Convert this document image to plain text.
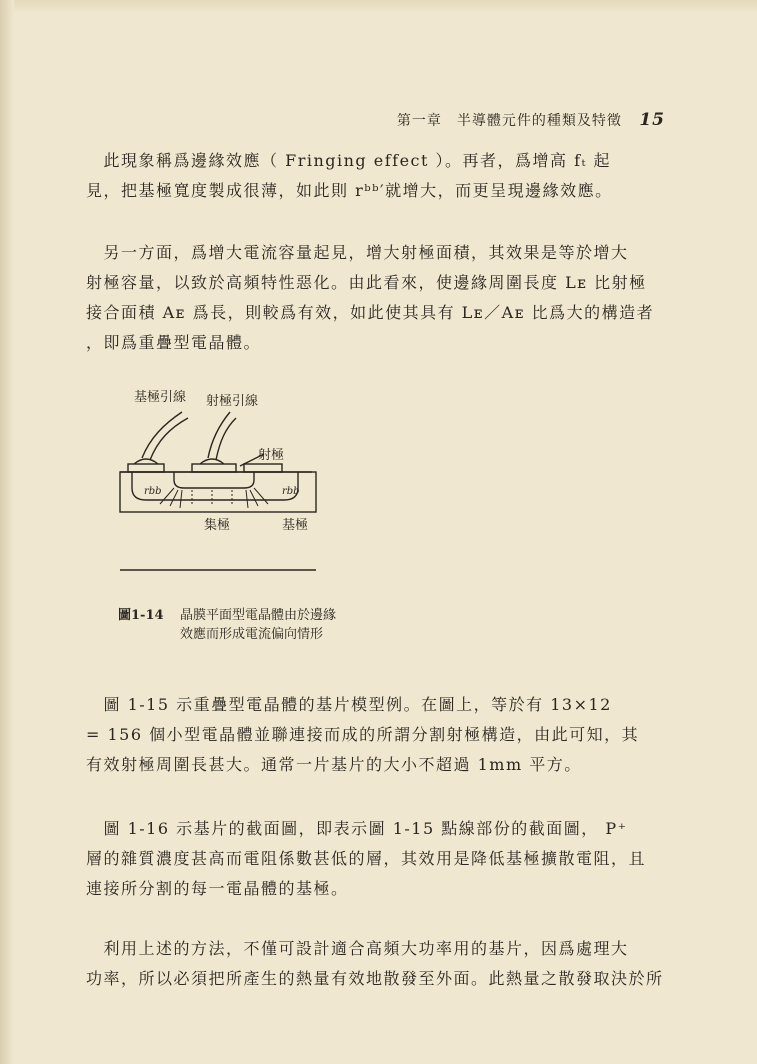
第一章　半導體元件的種類及特徵 15

　此現象稱爲邊緣效應（ Fringing effect ）。再者，爲增高 fₜ 起
見，把基極寬度製成很薄，如此則 rᵇᵇ′就增大，而更呈現邊緣效應。

　另一方面，爲增大電流容量起見，增大射極面積，其效果是等於增大
射極容量，以致於高頻特性惡化。由此看來，使邊緣周圍長度 Lᴇ 比射極
接合面積 Aᴇ 爲長，則較爲有效，如此使其具有 Lᴇ／Aᴇ 比爲大的構造者
，即爲重疊型電晶體。

基極引線 射極引線
射極
rbb	rbb
集極	基極
圖1-14 晶膜平面型電晶體由於邊緣
效應而形成電流偏向情形

　圖 1-15 示重疊型電晶體的基片模型例。在圖上，等於有 13×12
= 156 個小型電晶體並聯連接而成的所謂分割射極構造，由此可知，其
有效射極周圍長甚大。通常一片基片的大小不超過 1mm 平方。

　圖 1-16 示基片的截面圖，即表示圖 1-15 點線部份的截面圖， P⁺
層的雜質濃度甚高而電阻係數甚低的層，其效用是降低基極擴散電阻，且
連接所分割的每一電晶體的基極。

　利用上述的方法，不僅可設計適合高頻大功率用的基片，因爲處理大
功率，所以必須把所產生的熱量有效地散發至外面。此熱量之散發取決於所
